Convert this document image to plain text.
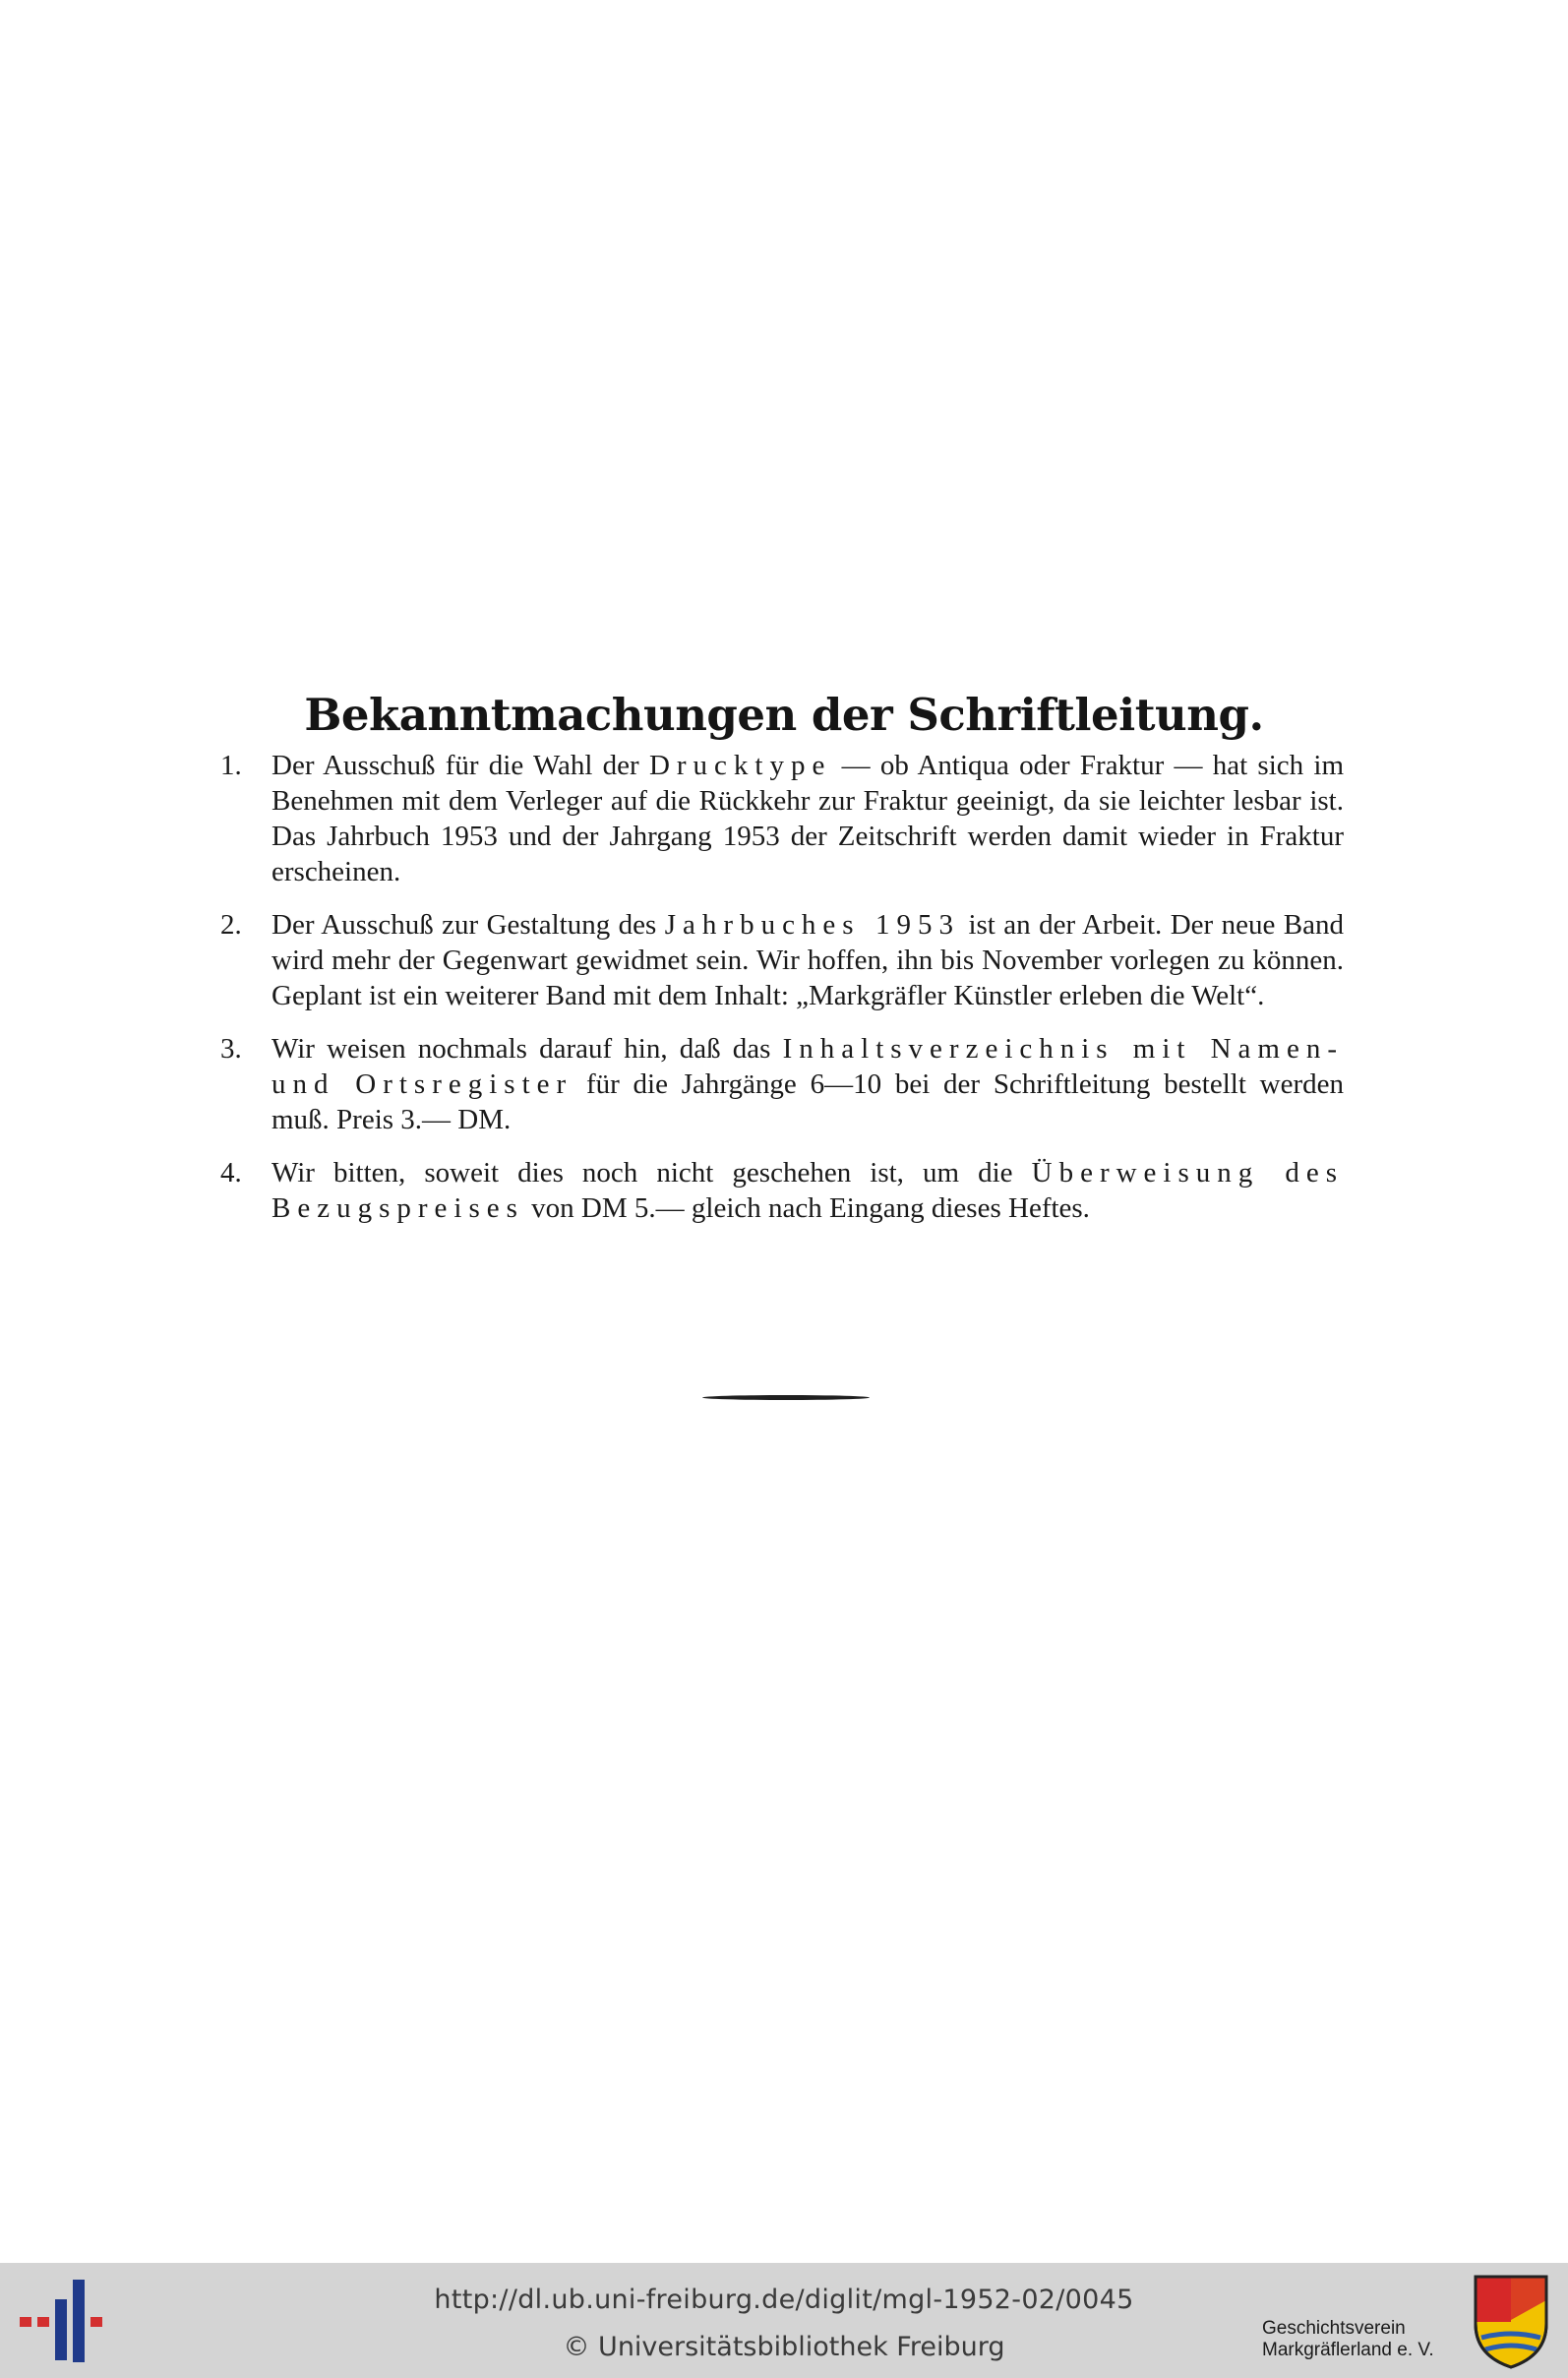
Bekanntmachungen der Schriftleitung.
1. Der Ausschuß für die Wahl der Drucktype — ob Antiqua oder Fraktur — hat sich im Benehmen mit dem Verleger auf die Rückkehr zur Fraktur geeinigt, da sie leichter lesbar ist. Das Jahrbuch 1953 und der Jahrgang 1953 der Zeitschrift werden damit wieder in Fraktur erscheinen.
2. Der Ausschuß zur Gestaltung des Jahrbuches 1953 ist an der Arbeit. Der neue Band wird mehr der Gegenwart gewidmet sein. Wir hoffen, ihn bis November vorlegen zu können. Geplant ist ein weiterer Band mit dem Inhalt: „Markgräfler Künstler erleben die Welt“.
3. Wir weisen nochmals darauf hin, daß das Inhaltsverzeichnis mit Namen- und Ortsregister für die Jahrgänge 6—10 bei der Schriftleitung bestellt werden muß. Preis 3.— DM.
4. Wir bitten, soweit dies noch nicht geschehen ist, um die Überweisung des Bezugspreises von DM 5.— gleich nach Eingang dieses Heftes.
http://dl.ub.uni-freiburg.de/diglit/mgl-1952-02/0045
© Universitätsbibliothek Freiburg
Geschichtsverein
Markgräflerland e. V.
